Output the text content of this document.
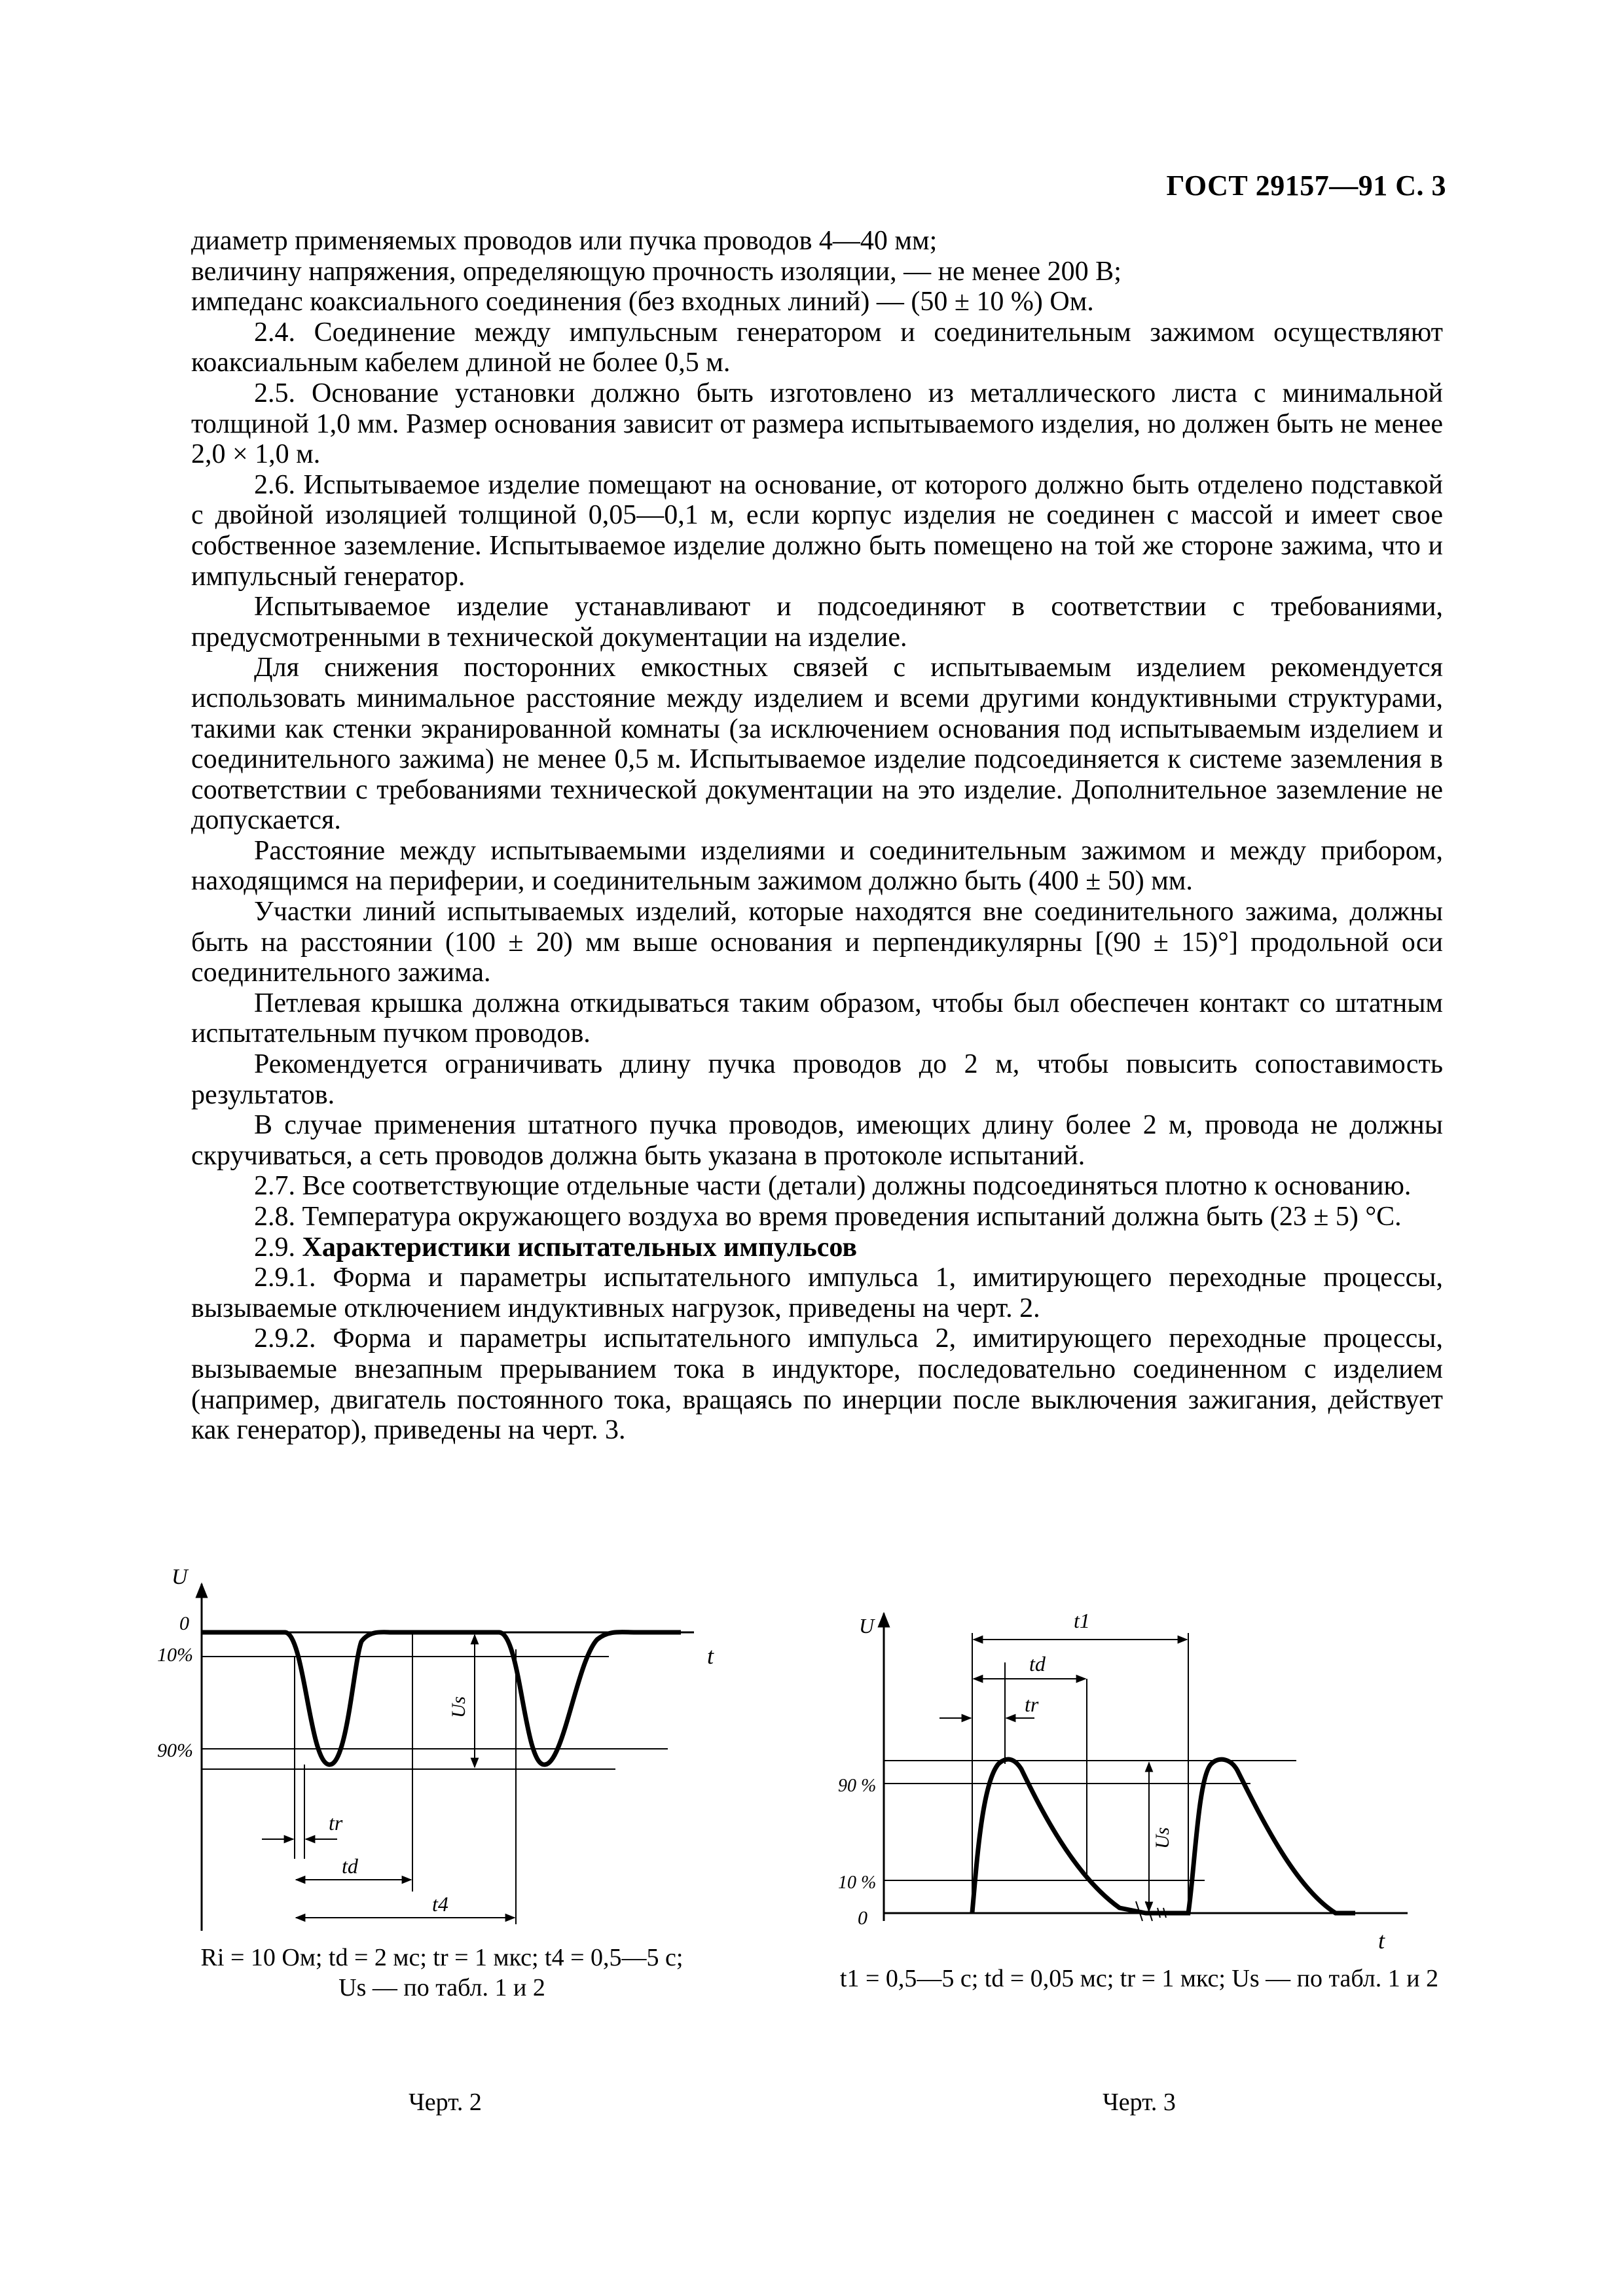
ГОСТ 29157—91 С. 3

диаметр применяемых проводов или пучка проводов 4—40 мм;

величину напряжения, определяющую прочность изоляции, — не менее 200 В;

импеданс коаксиального соединения (без входных линий) — (50 ± 10 %) Ом.

2.4. Соединение между импульсным генератором и соединительным зажимом осуществляют коаксиальным кабелем длиной не более 0,5 м.

2.5. Основание установки должно быть изготовлено из металлического листа с минимальной толщиной 1,0 мм. Размер основания зависит от размера испытываемого изделия, но должен быть не менее 2,0 × 1,0 м.

2.6. Испытываемое изделие помещают на основание, от которого должно быть отделено подставкой с двойной изоляцией толщиной 0,05—0,1 м, если корпус изделия не соединен с массой и имеет свое собственное заземление. Испытываемое изделие должно быть помещено на той же стороне зажима, что и импульсный генератор.

Испытываемое изделие устанавливают и подсоединяют в соответствии с требованиями, предусмотренными в технической документации на изделие.

Для снижения посторонних емкостных связей с испытываемым изделием рекомендуется использовать минимальное расстояние между изделием и всеми другими кондуктивными структурами, такими как стенки экранированной комнаты (за исключением основания под испытываемым изделием и соединительного зажима) не менее 0,5 м. Испытываемое изделие подсоединяется к системе заземления в соответствии с требованиями технической документации на это изделие. Дополнительное заземление не допускается.

Расстояние между испытываемыми изделиями и соединительным зажимом и между прибором, находящимся на периферии, и соединительным зажимом должно быть (400 ± 50) мм.

Участки линий испытываемых изделий, которые находятся вне соединительного зажима, должны быть на расстоянии (100 ± 20) мм выше основания и перпендикулярны [(90 ± 15)°] продольной оси соединительного зажима.

Петлевая крышка должна откидываться таким образом, чтобы был обеспечен контакт со штатным испытательным пучком проводов.

Рекомендуется ограничивать длину пучка проводов до 2 м, чтобы повысить сопоставимость результатов.

В случае применения штатного пучка проводов, имеющих длину более 2 м, провода не должны скручиваться, а сеть проводов должна быть указана в протоколе испытаний.

2.7. Все соответствующие отдельные части (детали) должны подсоединяться плотно к основанию.

2.8. Температура окружающего воздуха во время проведения испытаний должна быть (23 ± 5) °С.

2.9. Характеристики испытательных импульсов

2.9.1. Форма и параметры испытательного импульса 1, имитирующего переходные процессы, вызываемые отключением индуктивных нагрузок, приведены на черт. 2.

2.9.2. Форма и параметры испытательного импульса 2, имитирующего переходные процессы, вызываемые внезапным прерыванием тока в индукторе, последовательно соединенном с изделием (например, двигатель постоянного тока, вращаясь по инерции после выключения зажигания, действует как генератор), приведены на черт. 3.

U
0
10%
90%
t
Us
tr
td
t4
Ri = 10 Ом; td = 2 мс; tr = 1 мкс; t4 = 0,5—5 с;
Us — по табл. 1 и 2
Черт. 2
U
0
10 %
90 %
t
t1
td
tr
Us
t1 = 0,5—5 с; td = 0,05 мс; tr = 1 мкс; Us — по табл. 1 и 2
Черт. 3
